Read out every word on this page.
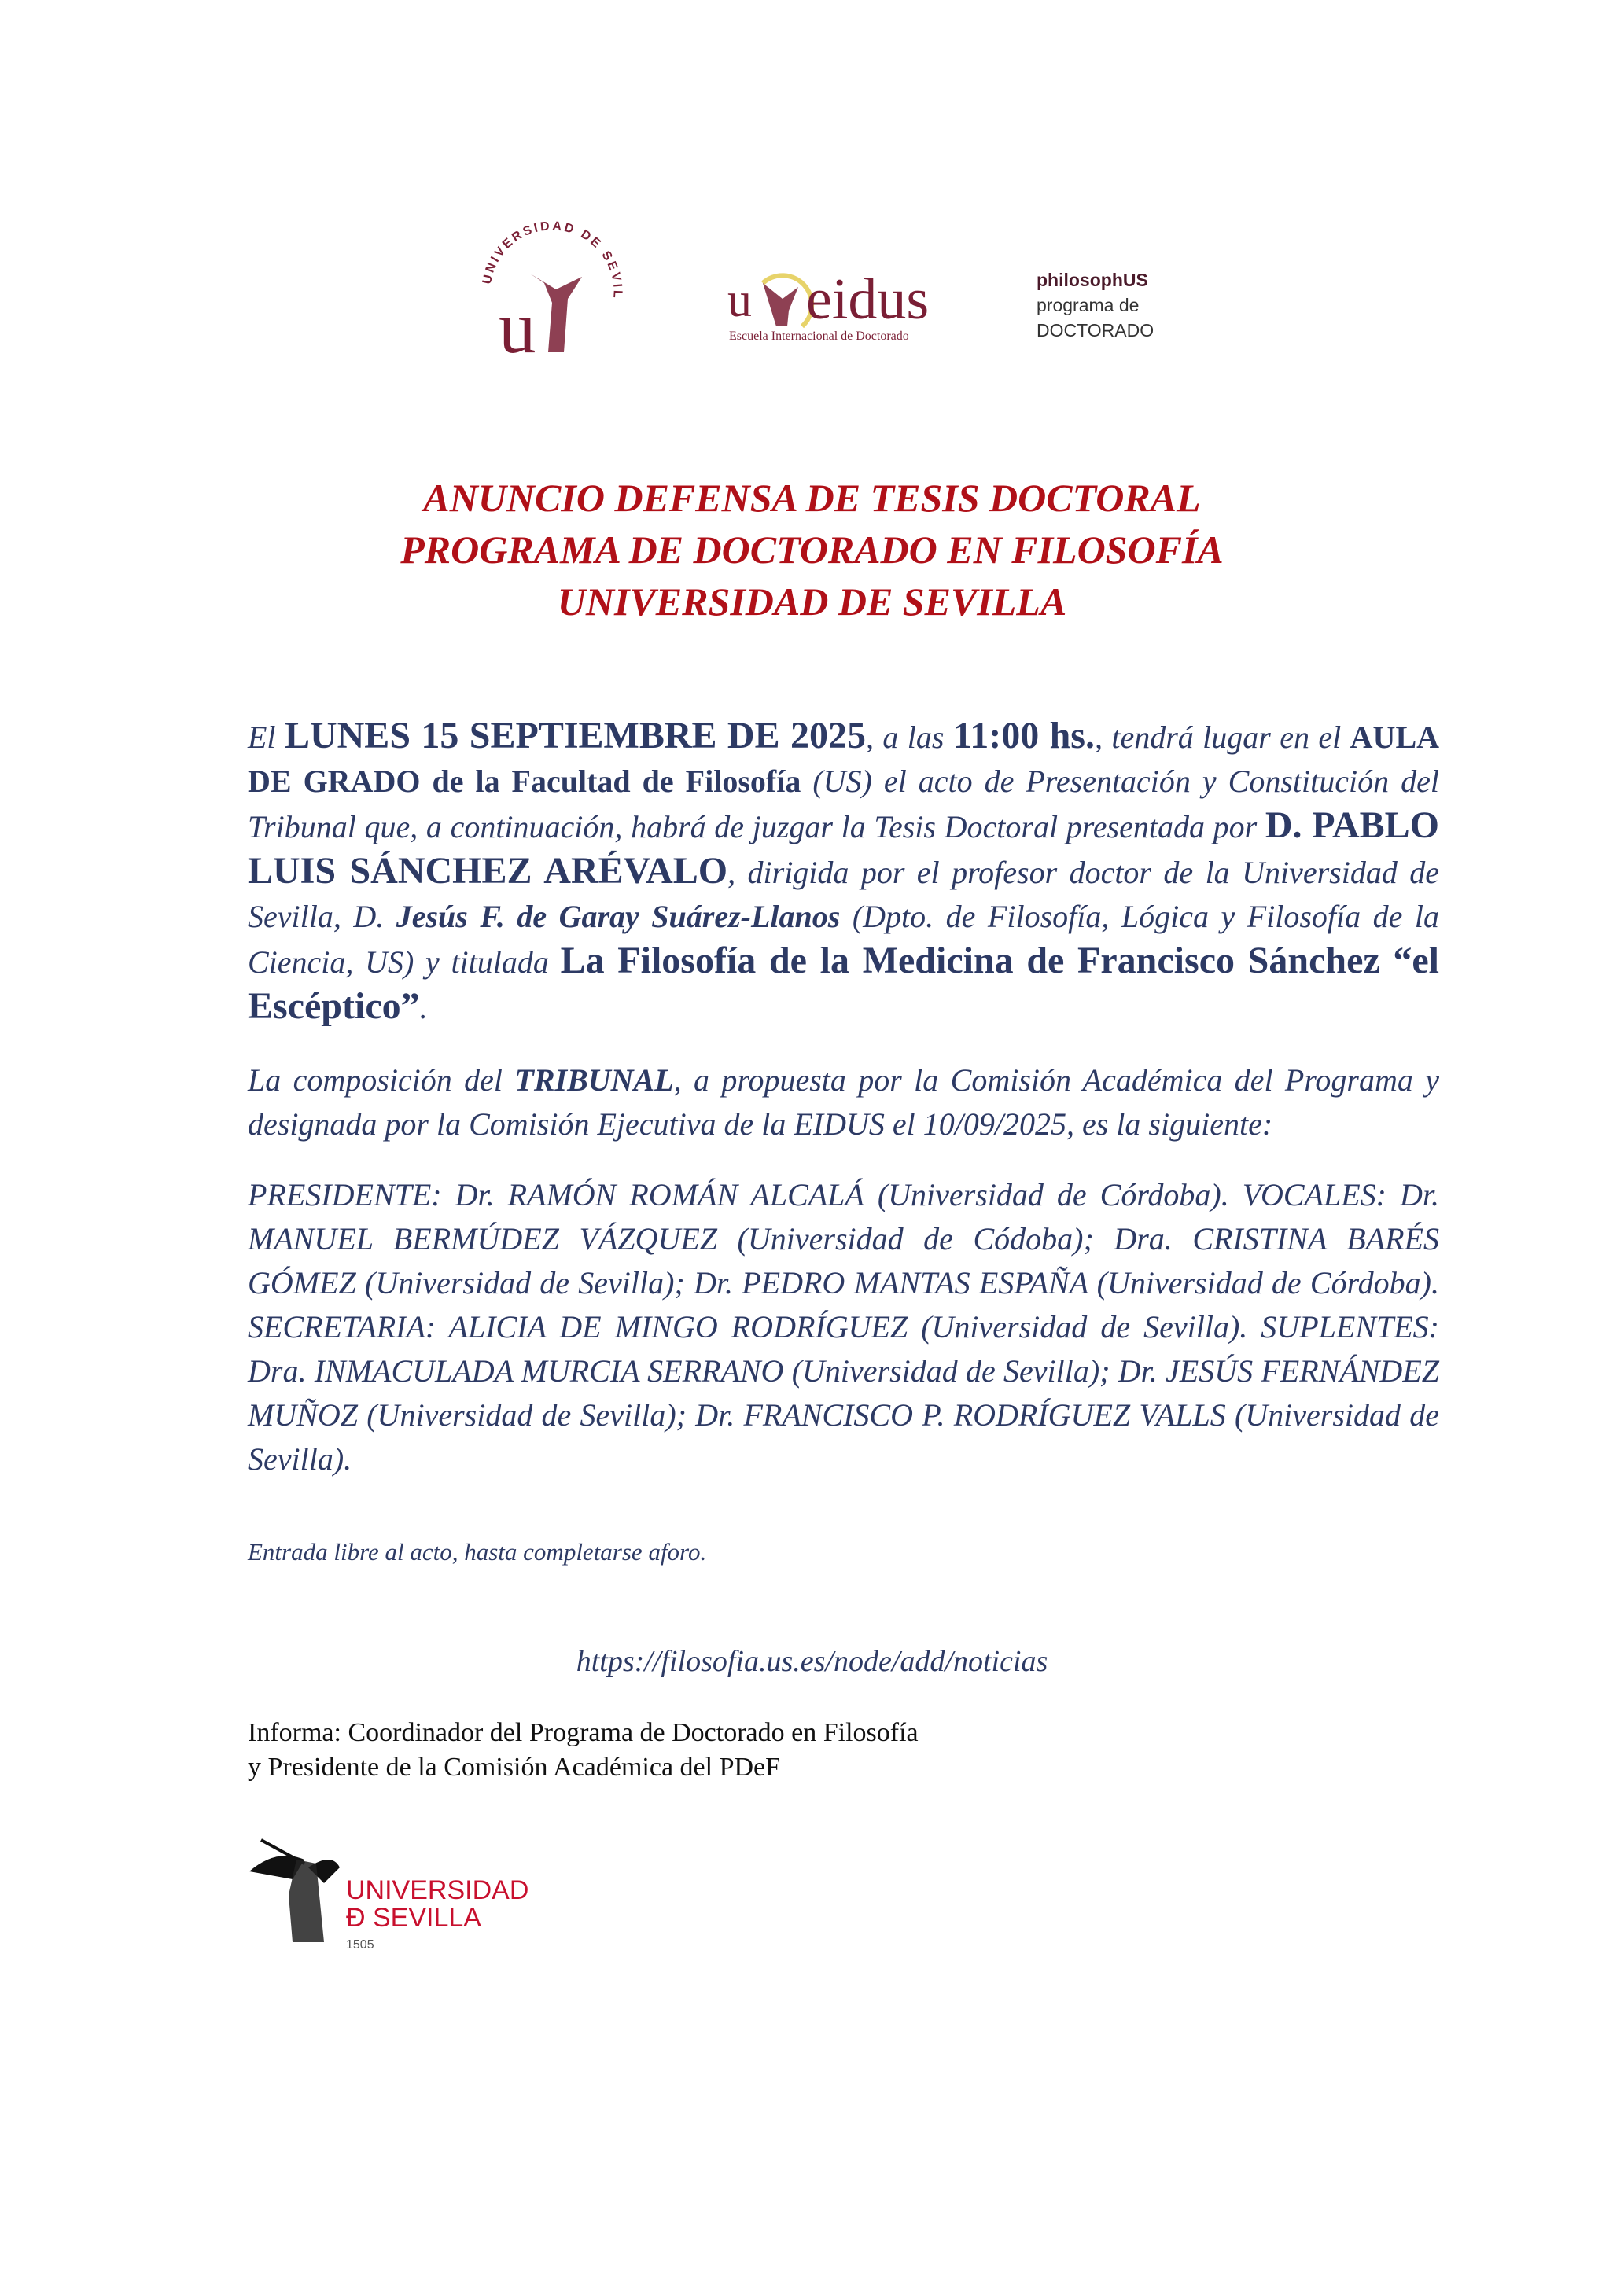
UNIVERSIDAD DE SEVIL
u	u eidus
Escuela Internacional de Doctorado
philosophUS
programa de
DOCTORADO
ANUNCIO DEFENSA DE TESIS DOCTORAL
PROGRAMA DE DOCTORADO EN FILOSOFÍA
UNIVERSIDAD DE SEVILLA
El LUNES 15 SEPTIEMBRE DE 2025, a las 11:00 hs., tendrá lugar en el AULA DE GRADO de la Facultad de Filosofía (US) el acto de Presentación y Constitución del Tribunal que, a continuación, habrá de juzgar la Tesis Doctoral presentada por D. PABLO LUIS SÁNCHEZ ARÉVALO, dirigida por el profesor doctor de la Universidad de Sevilla, D. Jesús F. de Garay Suárez-Llanos (Dpto. de Filosofía, Lógica y Filosofía de la Ciencia, US) y titulada La Filosofía de la Medicina de Francisco Sánchez “el Escéptico”.
La composición del TRIBUNAL, a propuesta por la Comisión Académica del Programa y designada por la Comisión Ejecutiva de la EIDUS el 10/09/2025, es la siguiente:
PRESIDENTE: Dr. RAMÓN ROMÁN ALCALÁ (Universidad de Córdoba). VOCALES: Dr. MANUEL BERMÚDEZ VÁZQUEZ (Universidad de Códoba); Dra. CRISTINA BARÉS GÓMEZ (Universidad de Sevilla); Dr. PEDRO MANTAS ESPAÑA (Universidad de Córdoba). SECRETARIA: ALICIA DE MINGO RODRÍGUEZ (Universidad de Sevilla). SUPLENTES: Dra. INMACULADA MURCIA SERRANO (Universidad de Sevilla); Dr. JESÚS FERNÁNDEZ MUÑOZ (Universidad de Sevilla); Dr. FRANCISCO P. RODRÍGUEZ VALLS (Universidad de Sevilla).
Entrada libre al acto, hasta completarse aforo.
https://filosofia.us.es/node/add/noticias
Informa: Coordinador del Programa de Doctorado en Filosofía
y Presidente de la Comisión Académica del PDeF
UNIVERSIDAD
Ð SEVILLA
1505
